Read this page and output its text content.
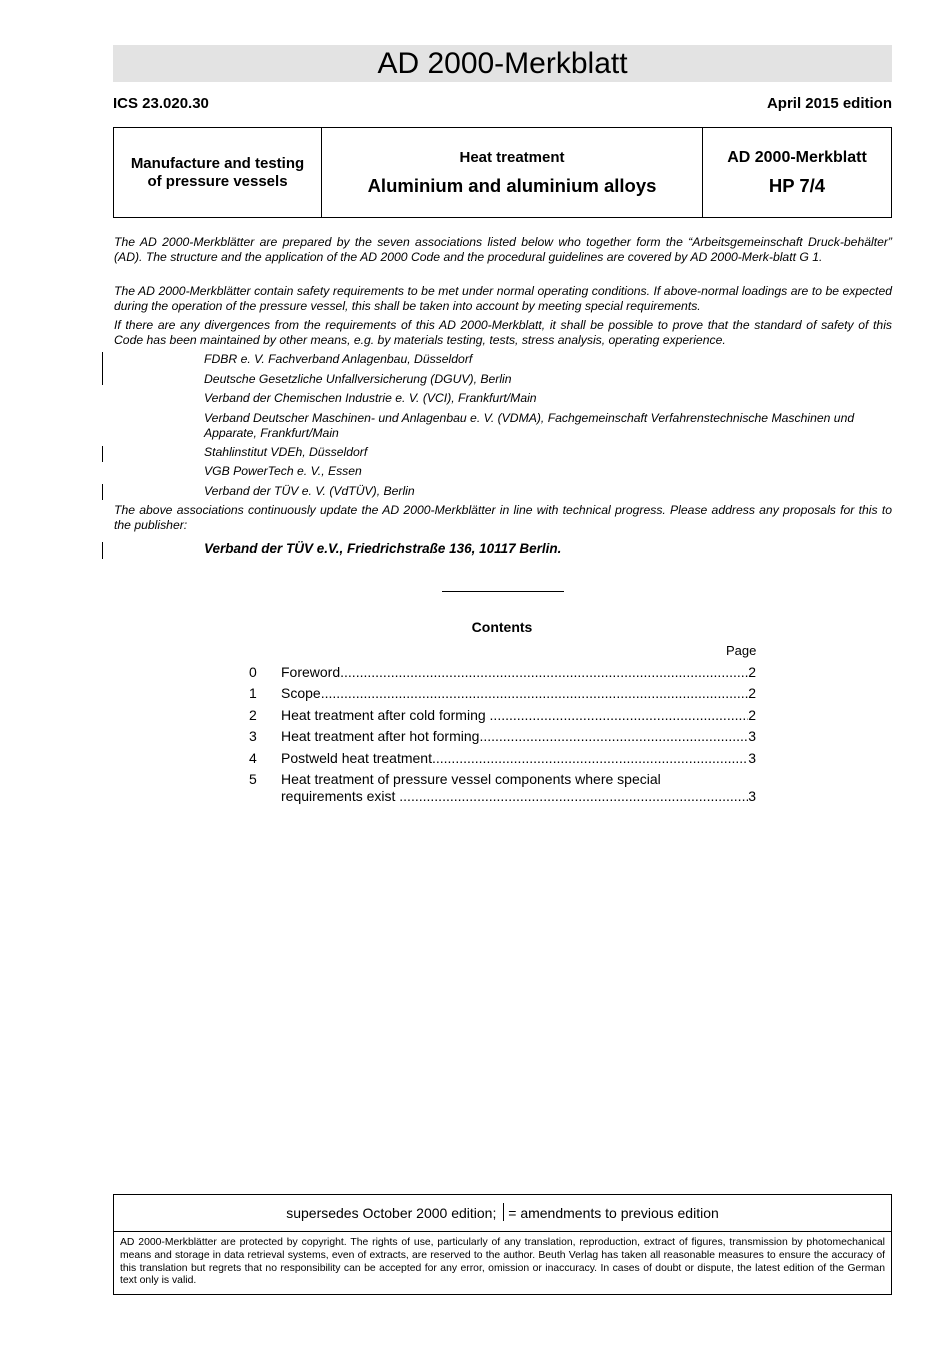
AD 2000-Merkblatt
ICS 23.020.30	April 2015 edition
Manufacture and testing of pressure vessels
Heat treatment
Aluminium and aluminium alloys
AD 2000-Merkblatt
HP 7/4

The AD 2000-Merkblätter are prepared by the seven associations listed below who together form the “Arbeitsgemeinschaft Druck-behälter” (AD). The structure and the application of the AD 2000 Code and the procedural guidelines are covered by AD 2000-Merk-blatt G 1.

The AD 2000-Merkblätter contain safety requirements to be met under normal operating conditions. If above-normal loadings are to be expected during the operation of the pressure vessel, this shall be taken into account by meeting special requirements.

If there are any divergences from the requirements of this AD 2000-Merkblatt, it shall be possible to prove that the standard of safety of this Code has been maintained by other means, e.g. by materials testing, tests, stress analysis, operating experience.

FDBR e. V. Fachverband Anlagenbau, Düsseldorf

Deutsche Gesetzliche Unfallversicherung (DGUV), Berlin

Verband der Chemischen Industrie e. V. (VCI), Frankfurt/Main

Verband Deutscher Maschinen- und Anlagenbau e. V. (VDMA), Fachgemeinschaft Verfahrenstechnische Maschinen und Apparate, Frankfurt/Main

Stahlinstitut VDEh, Düsseldorf

VGB PowerTech e. V., Essen

Verband der TÜV e. V. (VdTÜV), Berlin

The above associations continuously update the AD 2000-Merkblätter in line with technical progress. Please address any proposals for this to the publisher:

Verband der TÜV e.V., Friedrichstraße 136, 10117 Berlin.
Contents
Page
0 Foreword .....	2
1 Scope .....	2
2 Heat treatment after cold forming .....	2
3 Heat treatment after hot forming .....	3
4 Postweld heat treatment .....	3
5 Heat treatment of pressure vessel components where special
requirements exist .....	3
supersedes October 2000 edition; = amendments to previous edition
AD 2000-Merkblätter are protected by copyright. The rights of use, particularly of any translation, reproduction, extract of figures, transmission by photomechanical means and storage in data retrieval systems, even of extracts, are reserved to the author. Beuth Verlag has taken all reasonable measures to ensure the accuracy of this translation but regrets that no responsibility can be accepted for any error, omission or inaccuracy. In cases of doubt or dispute, the latest edition of the German text only is valid.
